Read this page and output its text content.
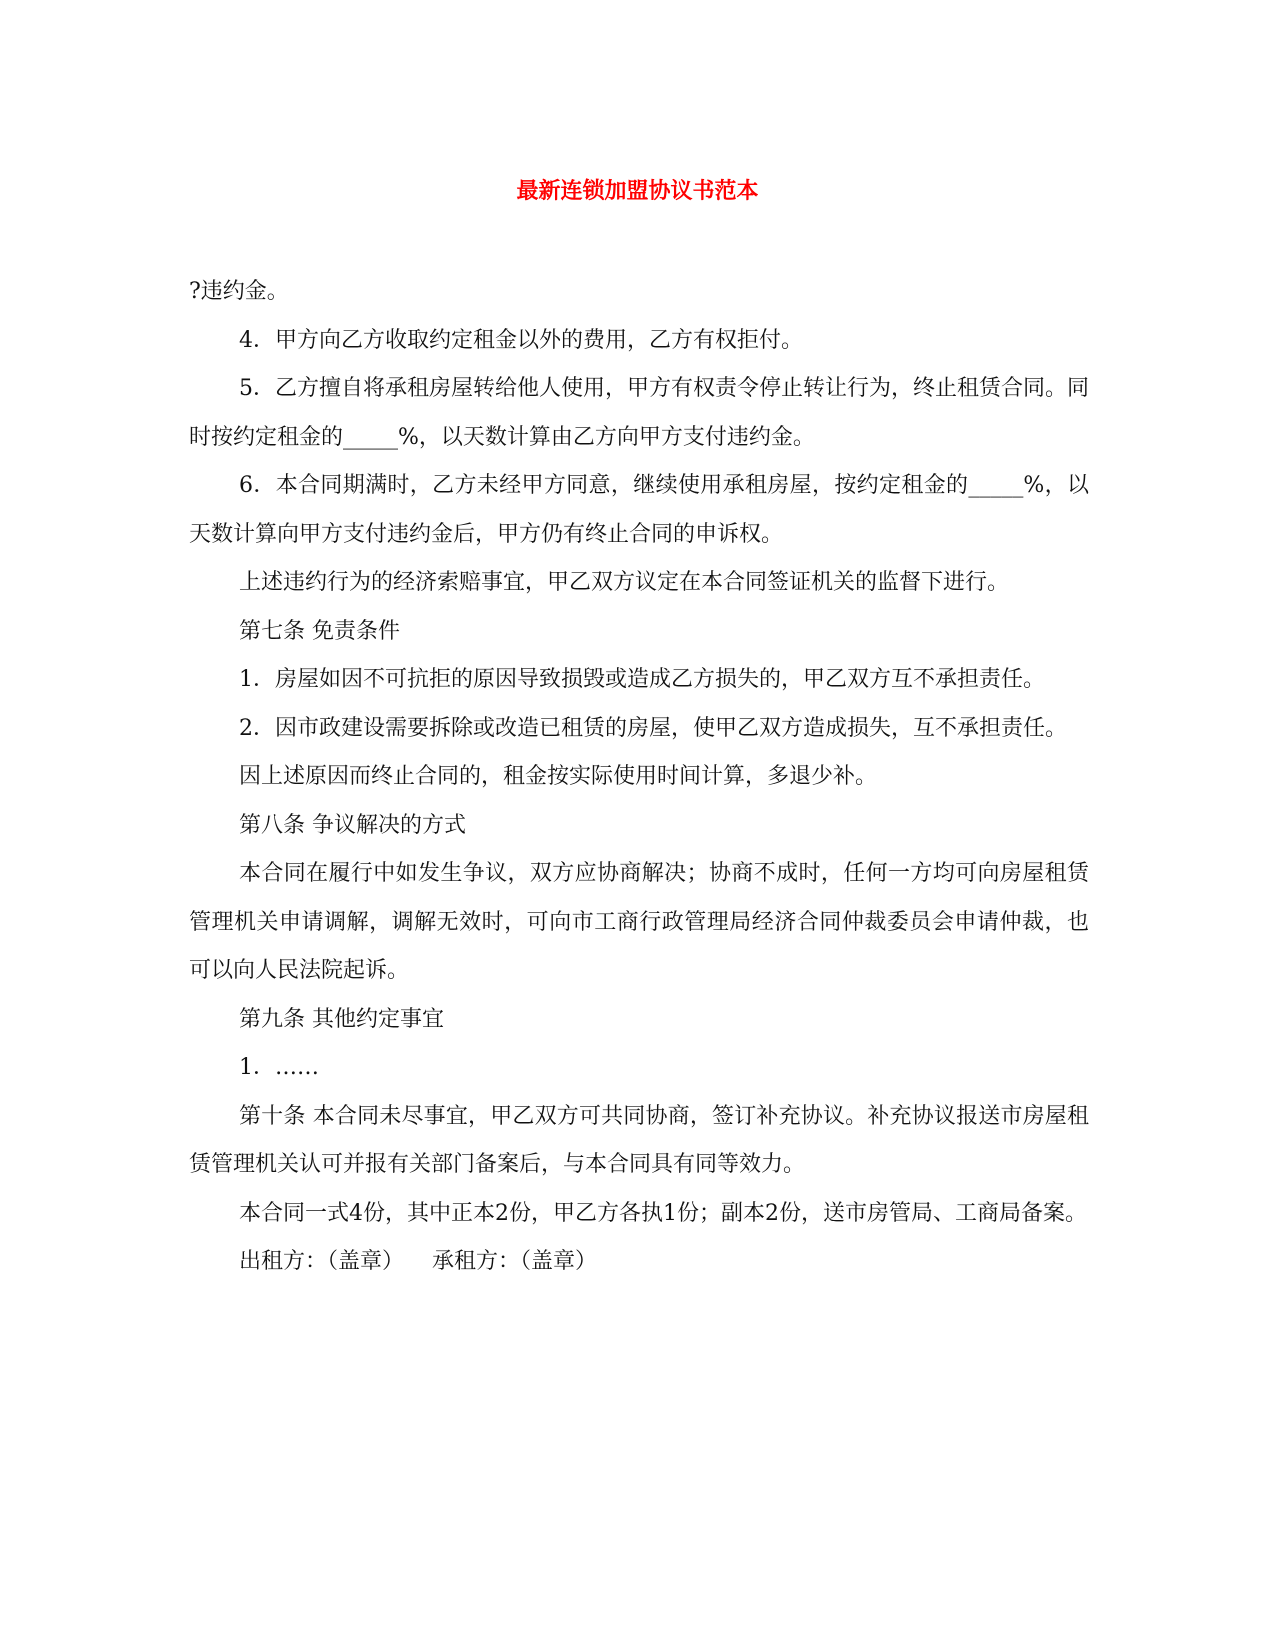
最新连锁加盟协议书范本

?违约金。

4．甲方向乙方收取约定租金以外的费用，乙方有权拒付。

5．乙方擅自将承租房屋转给他人使用，甲方有权责令停止转让行为，终止租赁合同。同时按约定租金的_____%，以天数计算由乙方向甲方支付违约金。

6．本合同期满时，乙方未经甲方同意，继续使用承租房屋，按约定租金的_____%，以天数计算向甲方支付违约金后，甲方仍有终止合同的申诉权。

上述违约行为的经济索赔事宜，甲乙双方议定在本合同签证机关的监督下进行。

第七条 免责条件

1．房屋如因不可抗拒的原因导致损毁或造成乙方损失的，甲乙双方互不承担责任。

2．因市政建设需要拆除或改造已租赁的房屋，使甲乙双方造成损失，互不承担责任。

因上述原因而终止合同的，租金按实际使用时间计算，多退少补。

第八条 争议解决的方式

本合同在履行中如发生争议，双方应协商解决；协商不成时，任何一方均可向房屋租赁管理机关申请调解，调解无效时，可向市工商行政管理局经济合同仲裁委员会申请仲裁，也可以向人民法院起诉。

第九条 其他约定事宜

1．……

第十条 本合同未尽事宜，甲乙双方可共同协商，签订补充协议。补充协议报送市房屋租赁管理机关认可并报有关部门备案后，与本合同具有同等效力。

本合同一式4份，其中正本2份，甲乙方各执1份；副本2份，送市房管局、工商局备案。

出租方：（盖章） 承租方：（盖章）
